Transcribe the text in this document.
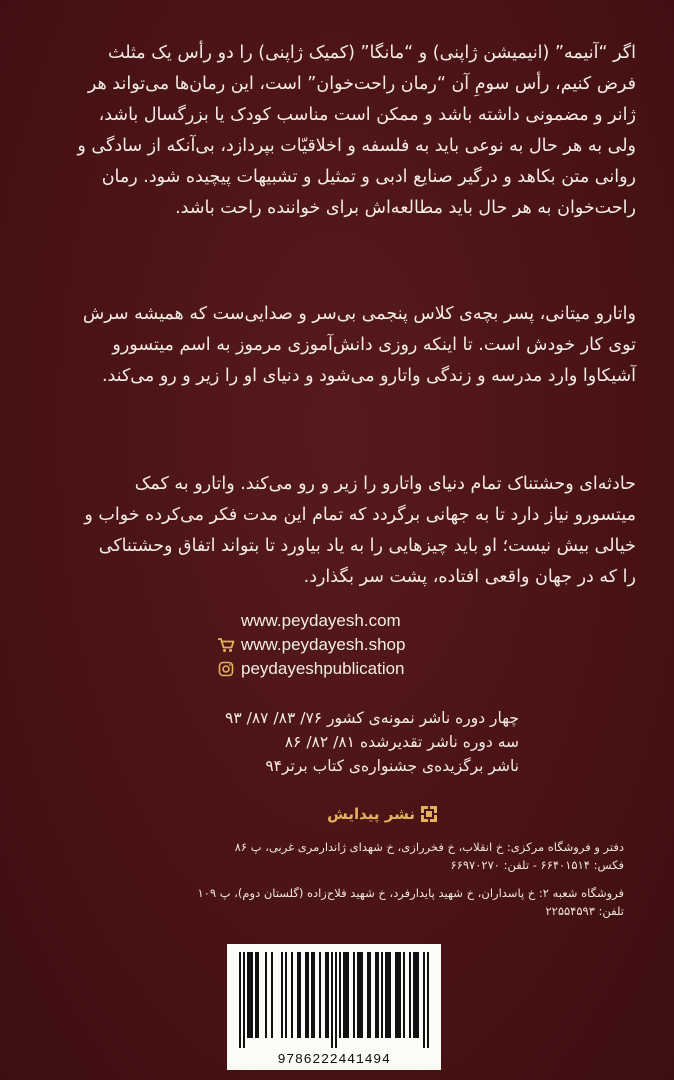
اگر “آنیمه” (انیمیشن ژاپنی) و “مانگا” (کمیک ژاپنی) را دو رأس یک مثلث
فرض کنیم، رأس سومِ آن “رمان راحت‌خوان” است، این رمان‌ها می‌تواند هر
ژانر و مضمونی داشته باشد و ممکن است مناسب کودک یا بزرگسال باشد،
ولی به هر حال به نوعی باید به فلسفه و اخلاقیّات بپردازد، بی‌آنکه از سادگی و
روانی متن بکاهد و درگیر صنایع ادبی و تمثیل و تشبیهات پیچیده شود. رمان
راحت‌خوان به هر حال باید مطالعه‌اش برای خواننده راحت باشد.
واتارو میتانی، پسر بچه‌ی کلاس پنجمی بی‌سر و صدایی‌ست که همیشه سرش
توی کار خودش است. تا اینکه روزی دانش‌آموزی مرموز به اسم میتسورو
آشیکاوا وارد مدرسه و زندگی واتارو می‌شود و دنیای او را زیر و رو می‌کند.
حادثه‌ای وحشتناک تمام دنیای واتارو را زیر و رو می‌کند. واتارو به کمک
میتسورو نیاز دارد تا به جهانی برگردد که تمام این مدت فکر می‌کرده خواب و
خیالی بیش نیست؛ او باید چیزهایی را به یاد بیاورد تا بتواند اتفاق وحشتناکی
را که در جهان واقعی افتاده، پشت سر بگذارد.
www.peydayesh.com
www.peydayesh.shop
peydayeshpublication
چهار دوره ناشر نمونه‌ی کشور ۷۶/ ۸۳/ ۸۷/ ۹۳
سه دوره ناشر تقدیرشده ۸۱/ ۸۲/ ۸۶
ناشر برگزیده‌ی جشنواره‌ی کتاب برتر۹۴
نشر پیدایش
دفتر و فروشگاه مرکزی: خ انقلاب، خ فخررازی، خ شهدای ژاندارمری غربی، پ ۸۶
فکس: ۶۶۴۰۱۵۱۴ - تلفن: ۶۶۹۷۰۲۷۰
فروشگاه شعبه ۲: خ پاسداران، خ شهید پایدارفرد، خ شهید فلاح‌زاده (گلستان دوم)، پ ۱۰۹
تلفن: ۲۲۵۵۴۵۹۳
9786222441494
